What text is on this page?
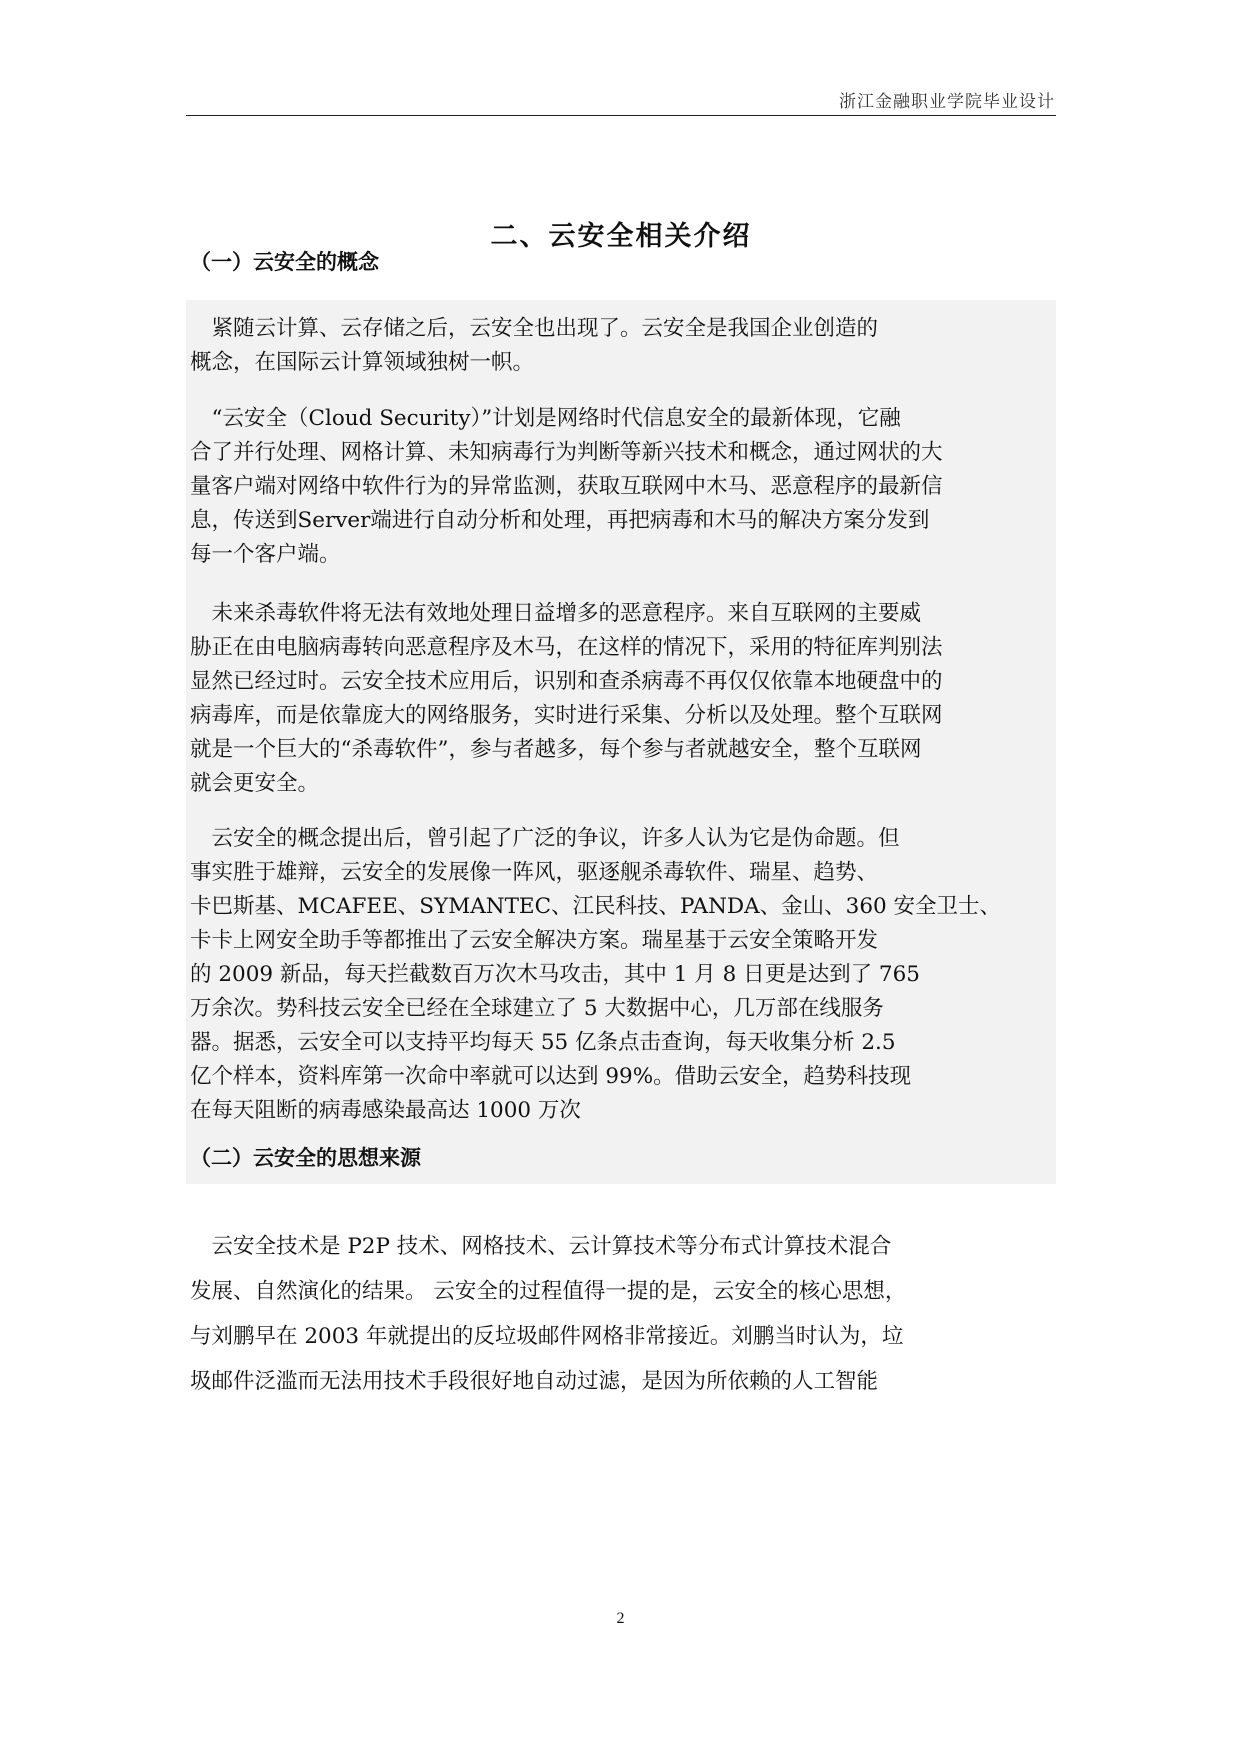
浙江金融职业学院毕业设计
二、云安全相关介绍
（一）云安全的概念
　紧随云计算、云存储之后，云安全也出现了。云安全是我国企业创造的
概念，在国际云计算领域独树一帜。
　“云安全（Cloud Security）”计划是网络时代信息安全的最新体现，它融
合了并行处理、网格计算、未知病毒行为判断等新兴技术和概念，通过网状的大
量客户端对网络中软件行为的异常监测，获取互联网中木马、恶意程序的最新信
息，传送到Server端进行自动分析和处理，再把病毒和木马的解决方案分发到
每一个客户端。
　未来杀毒软件将无法有效地处理日益增多的恶意程序。来自互联网的主要威
胁正在由电脑病毒转向恶意程序及木马，在这样的情况下，采用的特征库判别法
显然已经过时。云安全技术应用后，识别和查杀病毒不再仅仅依靠本地硬盘中的
病毒库，而是依靠庞大的网络服务，实时进行采集、分析以及处理。整个互联网
就是一个巨大的“杀毒软件”，参与者越多，每个参与者就越安全，整个互联网
就会更安全。
　云安全的概念提出后，曾引起了广泛的争议，许多人认为它是伪命题。但
事实胜于雄辩，云安全的发展像一阵风，驱逐舰杀毒软件、瑞星、趋势、
卡巴斯基、MCAFEE、SYMANTEC、江民科技、PANDA、金山、360 安全卫士、
卡卡上网安全助手等都推出了云安全解决方案。瑞星基于云安全策略开发
的 2009 新品，每天拦截数百万次木马攻击，其中 1 月 8 日更是达到了 765
万余次。势科技云安全已经在全球建立了 5 大数据中心，几万部在线服务
器。据悉，云安全可以支持平均每天 55 亿条点击查询，每天收集分析 2.5
亿个样本，资料库第一次命中率就可以达到 99%。借助云安全，趋势科技现
在每天阻断的病毒感染最高达 1000 万次
（二）云安全的思想来源
　云安全技术是 P2P 技术、网格技术、云计算技术等分布式计算技术混合
发展、自然演化的结果。 云安全的过程值得一提的是，云安全的核心思想，
与刘鹏早在 2003 年就提出的反垃圾邮件网格非常接近。刘鹏当时认为，垃
圾邮件泛滥而无法用技术手段很好地自动过滤，是因为所依赖的人工智能
2
